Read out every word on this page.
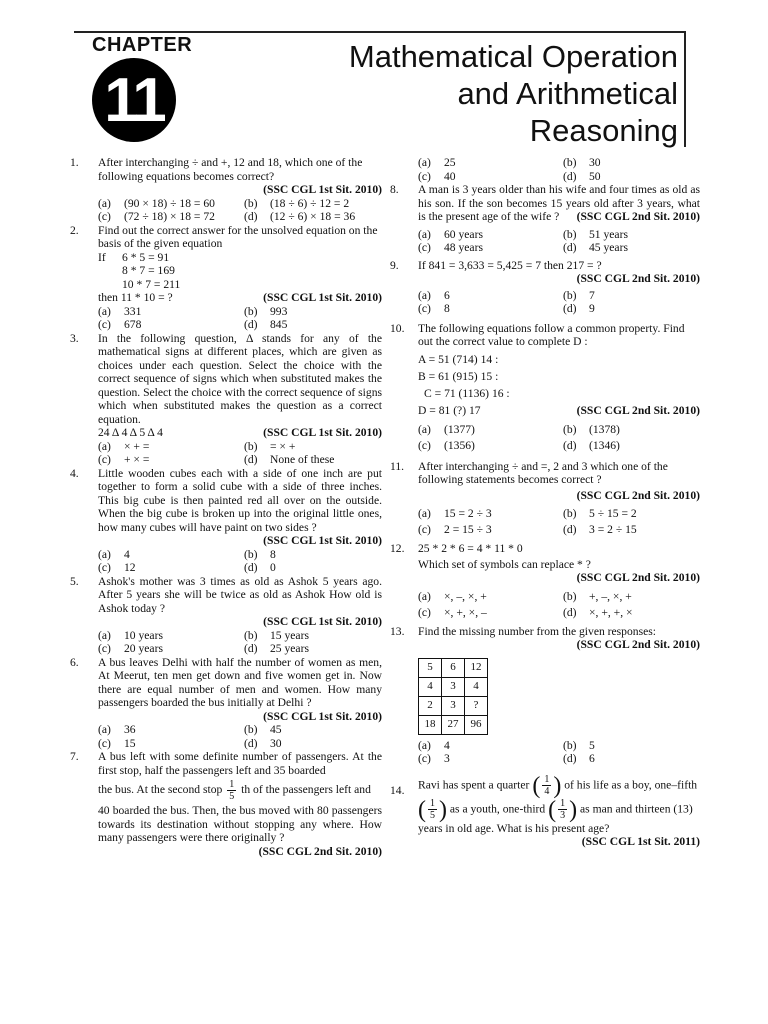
CHAPTER
11
Mathematical Operation
and Arithmetical
Reasoning
1. After interchanging ÷ and +, 12 and 18, which one of the following equations becomes correct?
(SSC CGL 1st Sit. 2010)
(a)	(90 × 18) ÷ 18 = 60	(b)	(18 ÷ 6) ÷ 12 = 2
(c)	(72 ÷ 18) × 18 = 72	(d)	(12 ÷ 6) × 18 = 36
2. Find out the correct answer for the unsolved equation on the basis of the given equation
If	6 * 5 = 91
8 * 7 = 169
10 * 7 = 211
then 11 * 10 = ?	(SSC CGL 1st Sit. 2010)
(a)	331	(b)	993
(c)	678	(d)	845
3. In the following question, Δ stands for any of the mathematical signs at different places, which are given as choices under each question. Select the choice with the correct sequence of signs which when substituted makes the question. Select the choice with the correct sequence of signs which when substituted makes the question as a correct equation.
24 Δ 4 Δ 5 Δ 4	(SSC CGL 1st Sit. 2010)
(a)	× + =	(b)	= × +
(c)	+ × =	(d)	None of these
4. Little wooden cubes each with a side of one inch are put together to form a solid cube with a side of three inches. This big cube is then painted red all over on the outside. When the big cube is broken up into the original little ones, how many cubes will have paint on two sides ?
(SSC CGL 1st Sit. 2010)
(a)	4	(b)	8
(c)	12	(d)	0
5. Ashok's mother was 3 times as old as Ashok 5 years ago. After 5 years she will be twice as old as Ashok How old is Ashok today ?
(SSC CGL 1st Sit. 2010)
(a)	10 years	(b)	15 years
(c)	20 years	(d)	25 years
6. A bus leaves Delhi with half the number of women as men, At Meerut, ten men get down and five women get in. Now there are equal number of men and women. How many passengers boarded the bus initially at Delhi ?
(SSC CGL 1st Sit. 2010)
(a)	36	(b)	45
(c)	15	(d)	30
7. A bus left with some definite number of passengers. At the first stop, half the passengers left and 35 boarded
the bus. At the second stop $\frac{1}{5}$ th of the passengers left and
40 boarded the bus. Then, the bus moved with 80 passengers towards its destination without stopping any where. How many passengers were there originally ?
(SSC CGL 2nd Sit. 2010)
(a)	25	(b)	30
(c)	40	(d)	50
8. A man is 3 years older than his wife and four times as old as his son. If the son becomes 15 years old after 3 years, what is the present age of the wife ? (SSC CGL 2nd Sit. 2010)
(a)	60 years	(b)	51 years
(c)	48 years	(d)	45 years
9. If 841 = 3,633 = 5,425 = 7 then 217 = ?
(SSC CGL 2nd Sit. 2010)
(a)	6	(b)	7
(c)	8	(d)	9
10. The following equations follow a common property. Find out the correct value to complete D :
A = 51 (714) 14 :
B = 61 (915) 15 :
C = 71 (1136) 16 :
D = 81 (?) 17	(SSC CGL 2nd Sit. 2010)
(a)	(1377)	(b)	(1378)
(c)	(1356)	(d)	(1346)
11. After interchanging ÷ and =, 2 and 3 which one of the following statements becomes correct ?
(SSC CGL 2nd Sit. 2010)
(a)	15 = 2 ÷ 3	(b)	5 ÷ 15 = 2
(c)	2 = 15 ÷ 3	(d)	3 = 2 ÷ 15
12. 25 * 2 * 6 = 4 * 11 * 0
Which set of symbols can replace * ?
(SSC CGL 2nd Sit. 2010)
(a)	×, –, ×, +	(b)	+, –, ×, +
(c)	×, +, ×, –	(d)	×, +, +, ×
13. Find the missing number from the given responses:
(SSC CGL 2nd Sit. 2010)
5	6	12
4	3	4
2	3	?
18	27	96
(a)	4	(b)	5
(c)	3	(d)	6
14. Ravi has spent a quarter ( $\frac{1}{4}$ ) of his life as a boy, one–fifth
( $\frac{1}{5}$ ) as a youth, one-third ( $\frac{1}{3}$ ) as man and thirteen (13)
years in old age. What is his present age?
(SSC CGL 1st Sit. 2011)
